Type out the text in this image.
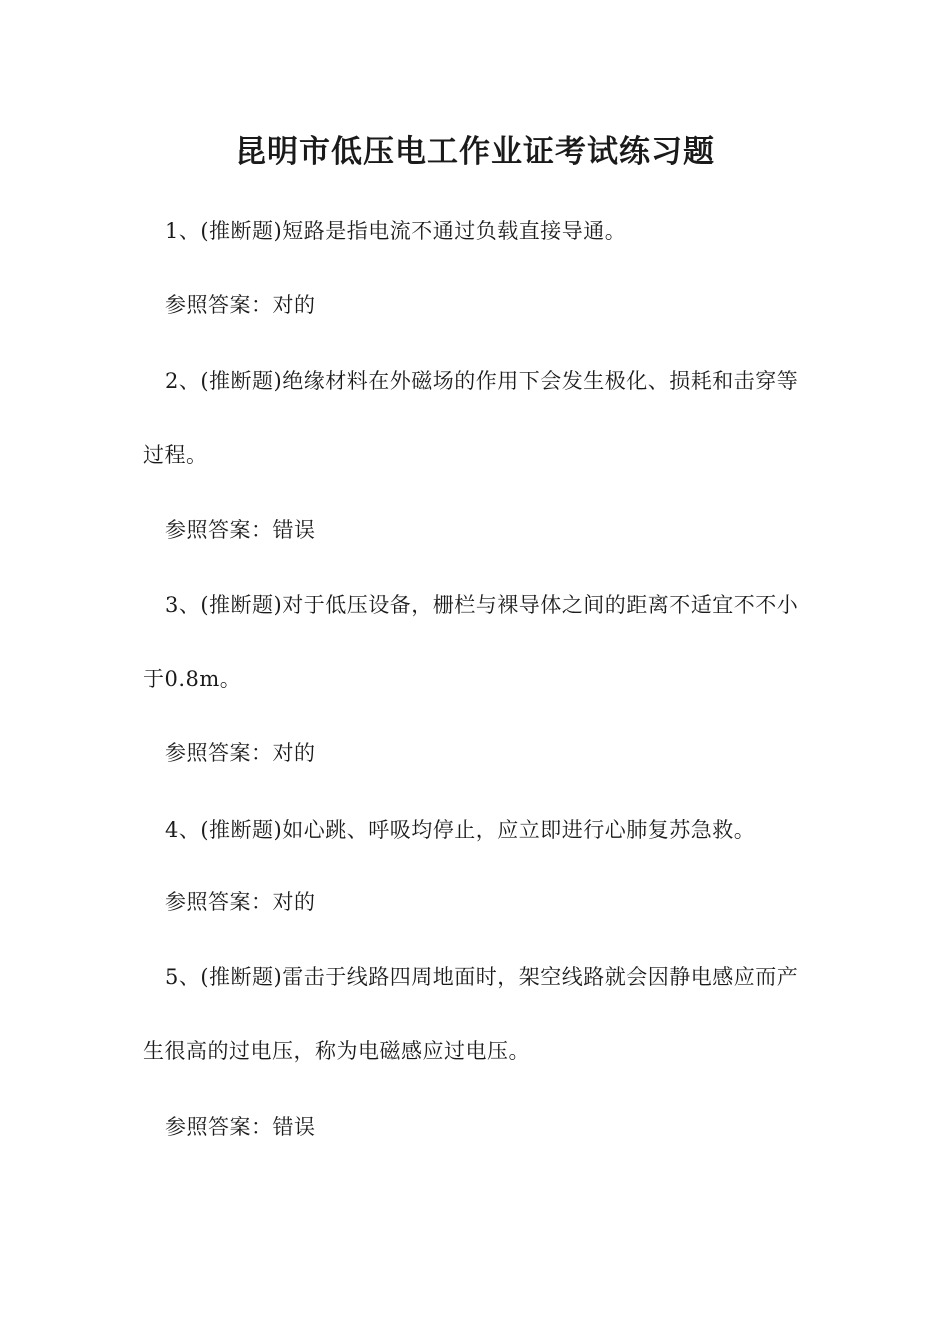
昆明市低压电工作业证考试练习题

1、(推断题)短路是指电流不通过负载直接导通。

参照答案：对的

2、(推断题)绝缘材料在外磁场的作用下会发生极化、损耗和击穿等过程。

参照答案：错误

3、(推断题)对于低压设备，栅栏与裸导体之间的距离不适宜不不小于0.8m。

参照答案：对的

4、(推断题)如心跳、呼吸均停止，应立即进行心肺复苏急救。

参照答案：对的

5、(推断题)雷击于线路四周地面时，架空线路就会因静电感应而产生很高的过电压，称为电磁感应过电压。

参照答案：错误
